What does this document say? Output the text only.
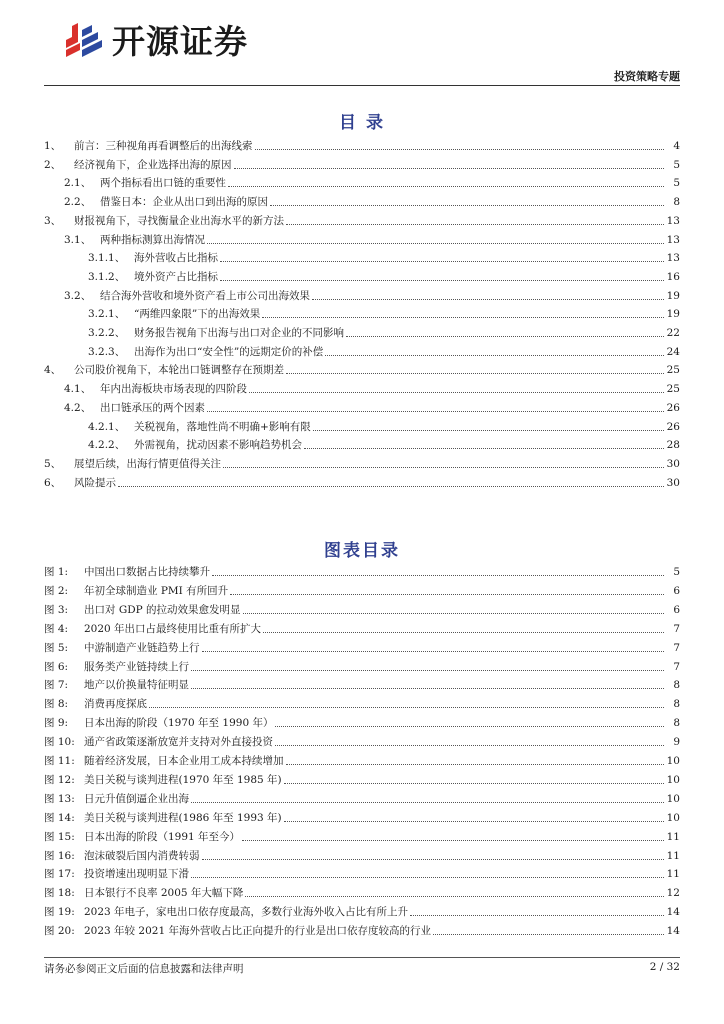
开源证券
投资策略专题
目 录
1、	前言：三种视角再看调整后的出海线索	4
2、	经济视角下，企业选择出海的原因	5
2.1、 两个指标看出口链的重要性	5
2.2、 借鉴日本：企业从出口到出海的原因	8
3、	财报视角下，寻找衡量企业出海水平的新方法	13
3.1、 两种指标测算出海情况	13
3.1.1、 海外营收占比指标	13
3.1.2、 境外资产占比指标	16
3.2、 结合海外营收和境外资产看上市公司出海效果	19
3.2.1、 “两维四象限”下的出海效果	19
3.2.2、 财务报告视角下出海与出口对企业的不同影响	22
3.2.3、 出海作为出口“安全性”的远期定价的补偿	24
4、	公司股价视角下，本轮出口链调整存在预期差	25
4.1、 年内出海板块市场表现的四阶段	25
4.2、 出口链承压的两个因素	26
4.2.1、 关税视角，落地性尚不明确+影响有限	26
4.2.2、 外需视角，扰动因素不影响趋势机会	28
5、	展望后续，出海行情更值得关注	30
6、	风险提示	30
图表目录
图 1:	中国出口数据占比持续攀升	5
图 2:	年初全球制造业 PMI 有所回升	6
图 3:	出口对 GDP 的拉动效果愈发明显	6
图 4:	2020 年出口占最终使用比重有所扩大	7
图 5:	中游制造产业链趋势上行	7
图 6:	服务类产业链持续上行	7
图 7:	地产以价换量特征明显	8
图 8:	消费再度探底	8
图 9:	日本出海的阶段（1970 年至 1990 年）	8
图 10: 通产省政策逐渐放宽并支持对外直接投资	9
图 11: 随着经济发展，日本企业用工成本持续增加	10
图 12: 美日关税与谈判进程(1970 年至 1985 年)	10
图 13: 日元升值倒逼企业出海	10
图 14: 美日关税与谈判进程(1986 年至 1993 年)	10
图 15: 日本出海的阶段（1991 年至今）	11
图 16: 泡沫破裂后国内消费转弱	11
图 17: 投资增速出现明显下滑	11
图 18: 日本银行不良率 2005 年大幅下降	12
图 19: 2023 年电子，家电出口依存度最高，多数行业海外收入占比有所上升	14
图 20: 2023 年较 2021 年海外营收占比正向提升的行业是出口依存度较高的行业	14
请务必参阅正文后面的信息披露和法律声明	2 / 32
